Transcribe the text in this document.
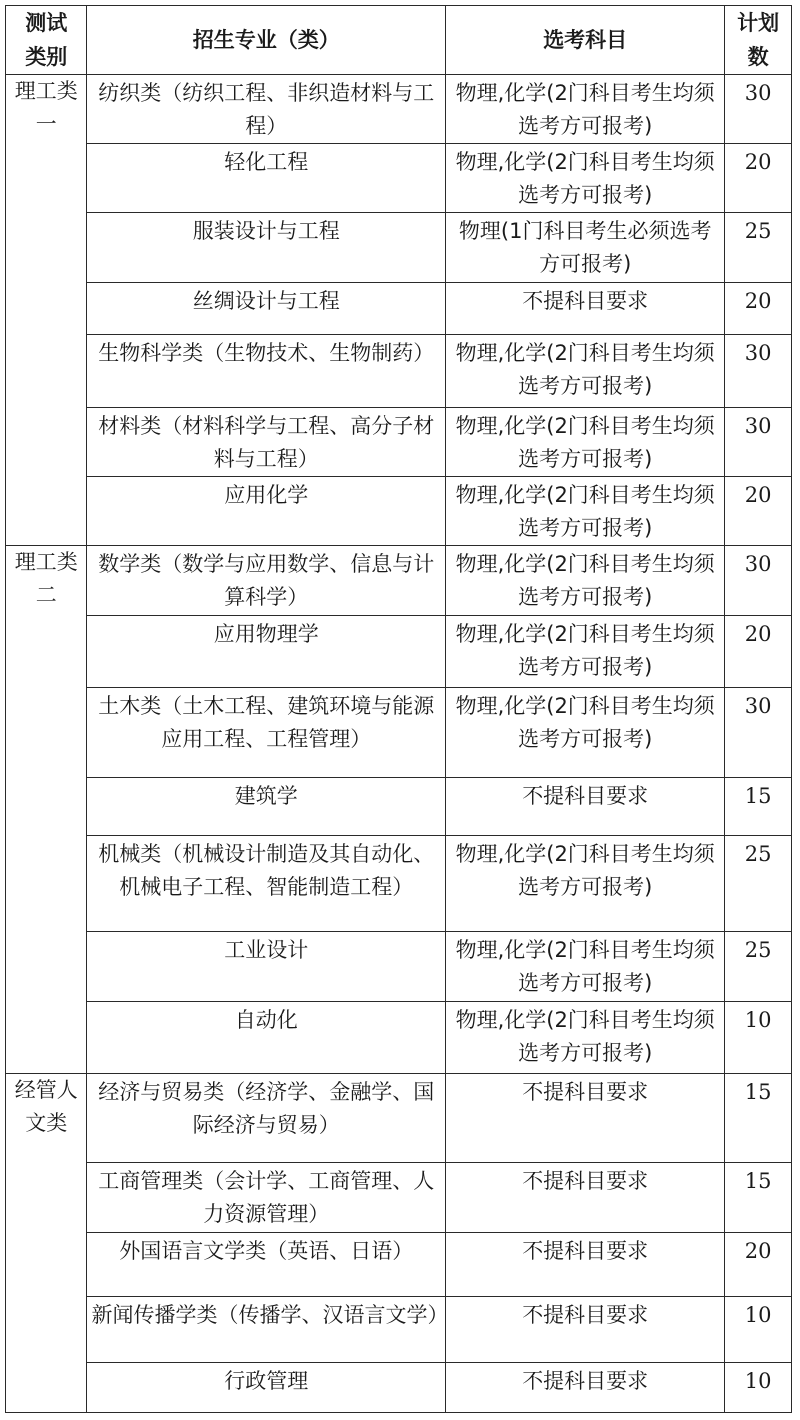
测试类别	招生专业（类）	选考科目	计划数
理工类一	纺织类（纺织工程、非织造材料与工程）	物理,化学(2门科目考生均须选考方可报考)	30

	轻化工程	物理,化学(2门科目考生均须选考方可报考)	20

	服装设计与工程	物理(1门科目考生必须选考方可报考)	25

	丝绸设计与工程	不提科目要求	20

	生物科学类（生物技术、生物制药）	物理,化学(2门科目考生均须选考方可报考)	30

	材料类（材料科学与工程、高分子材料与工程）	物理,化学(2门科目考生均须选考方可报考)	30

	应用化学	物理,化学(2门科目考生均须选考方可报考)	20

理工类二	数学类（数学与应用数学、信息与计算科学）	物理,化学(2门科目考生均须选考方可报考)	30

	应用物理学	物理,化学(2门科目考生均须选考方可报考)	20

	土木类（土木工程、建筑环境与能源应用工程、工程管理）	物理,化学(2门科目考生均须选考方可报考)	30

	建筑学	不提科目要求	15

	机械类（机械设计制造及其自动化、机械电子工程、智能制造工程）	物理,化学(2门科目考生均须选考方可报考)	25

	工业设计	物理,化学(2门科目考生均须选考方可报考)	25

	自动化	物理,化学(2门科目考生均须选考方可报考)	10

经管人文类	经济与贸易类（经济学、金融学、国际经济与贸易）	不提科目要求	15

	工商管理类（会计学、工商管理、人力资源管理）	不提科目要求	15

	外国语言文学类（英语、日语）	不提科目要求	20

	新闻传播学类（传播学、汉语言文学）	不提科目要求	10

	行政管理	不提科目要求	10
